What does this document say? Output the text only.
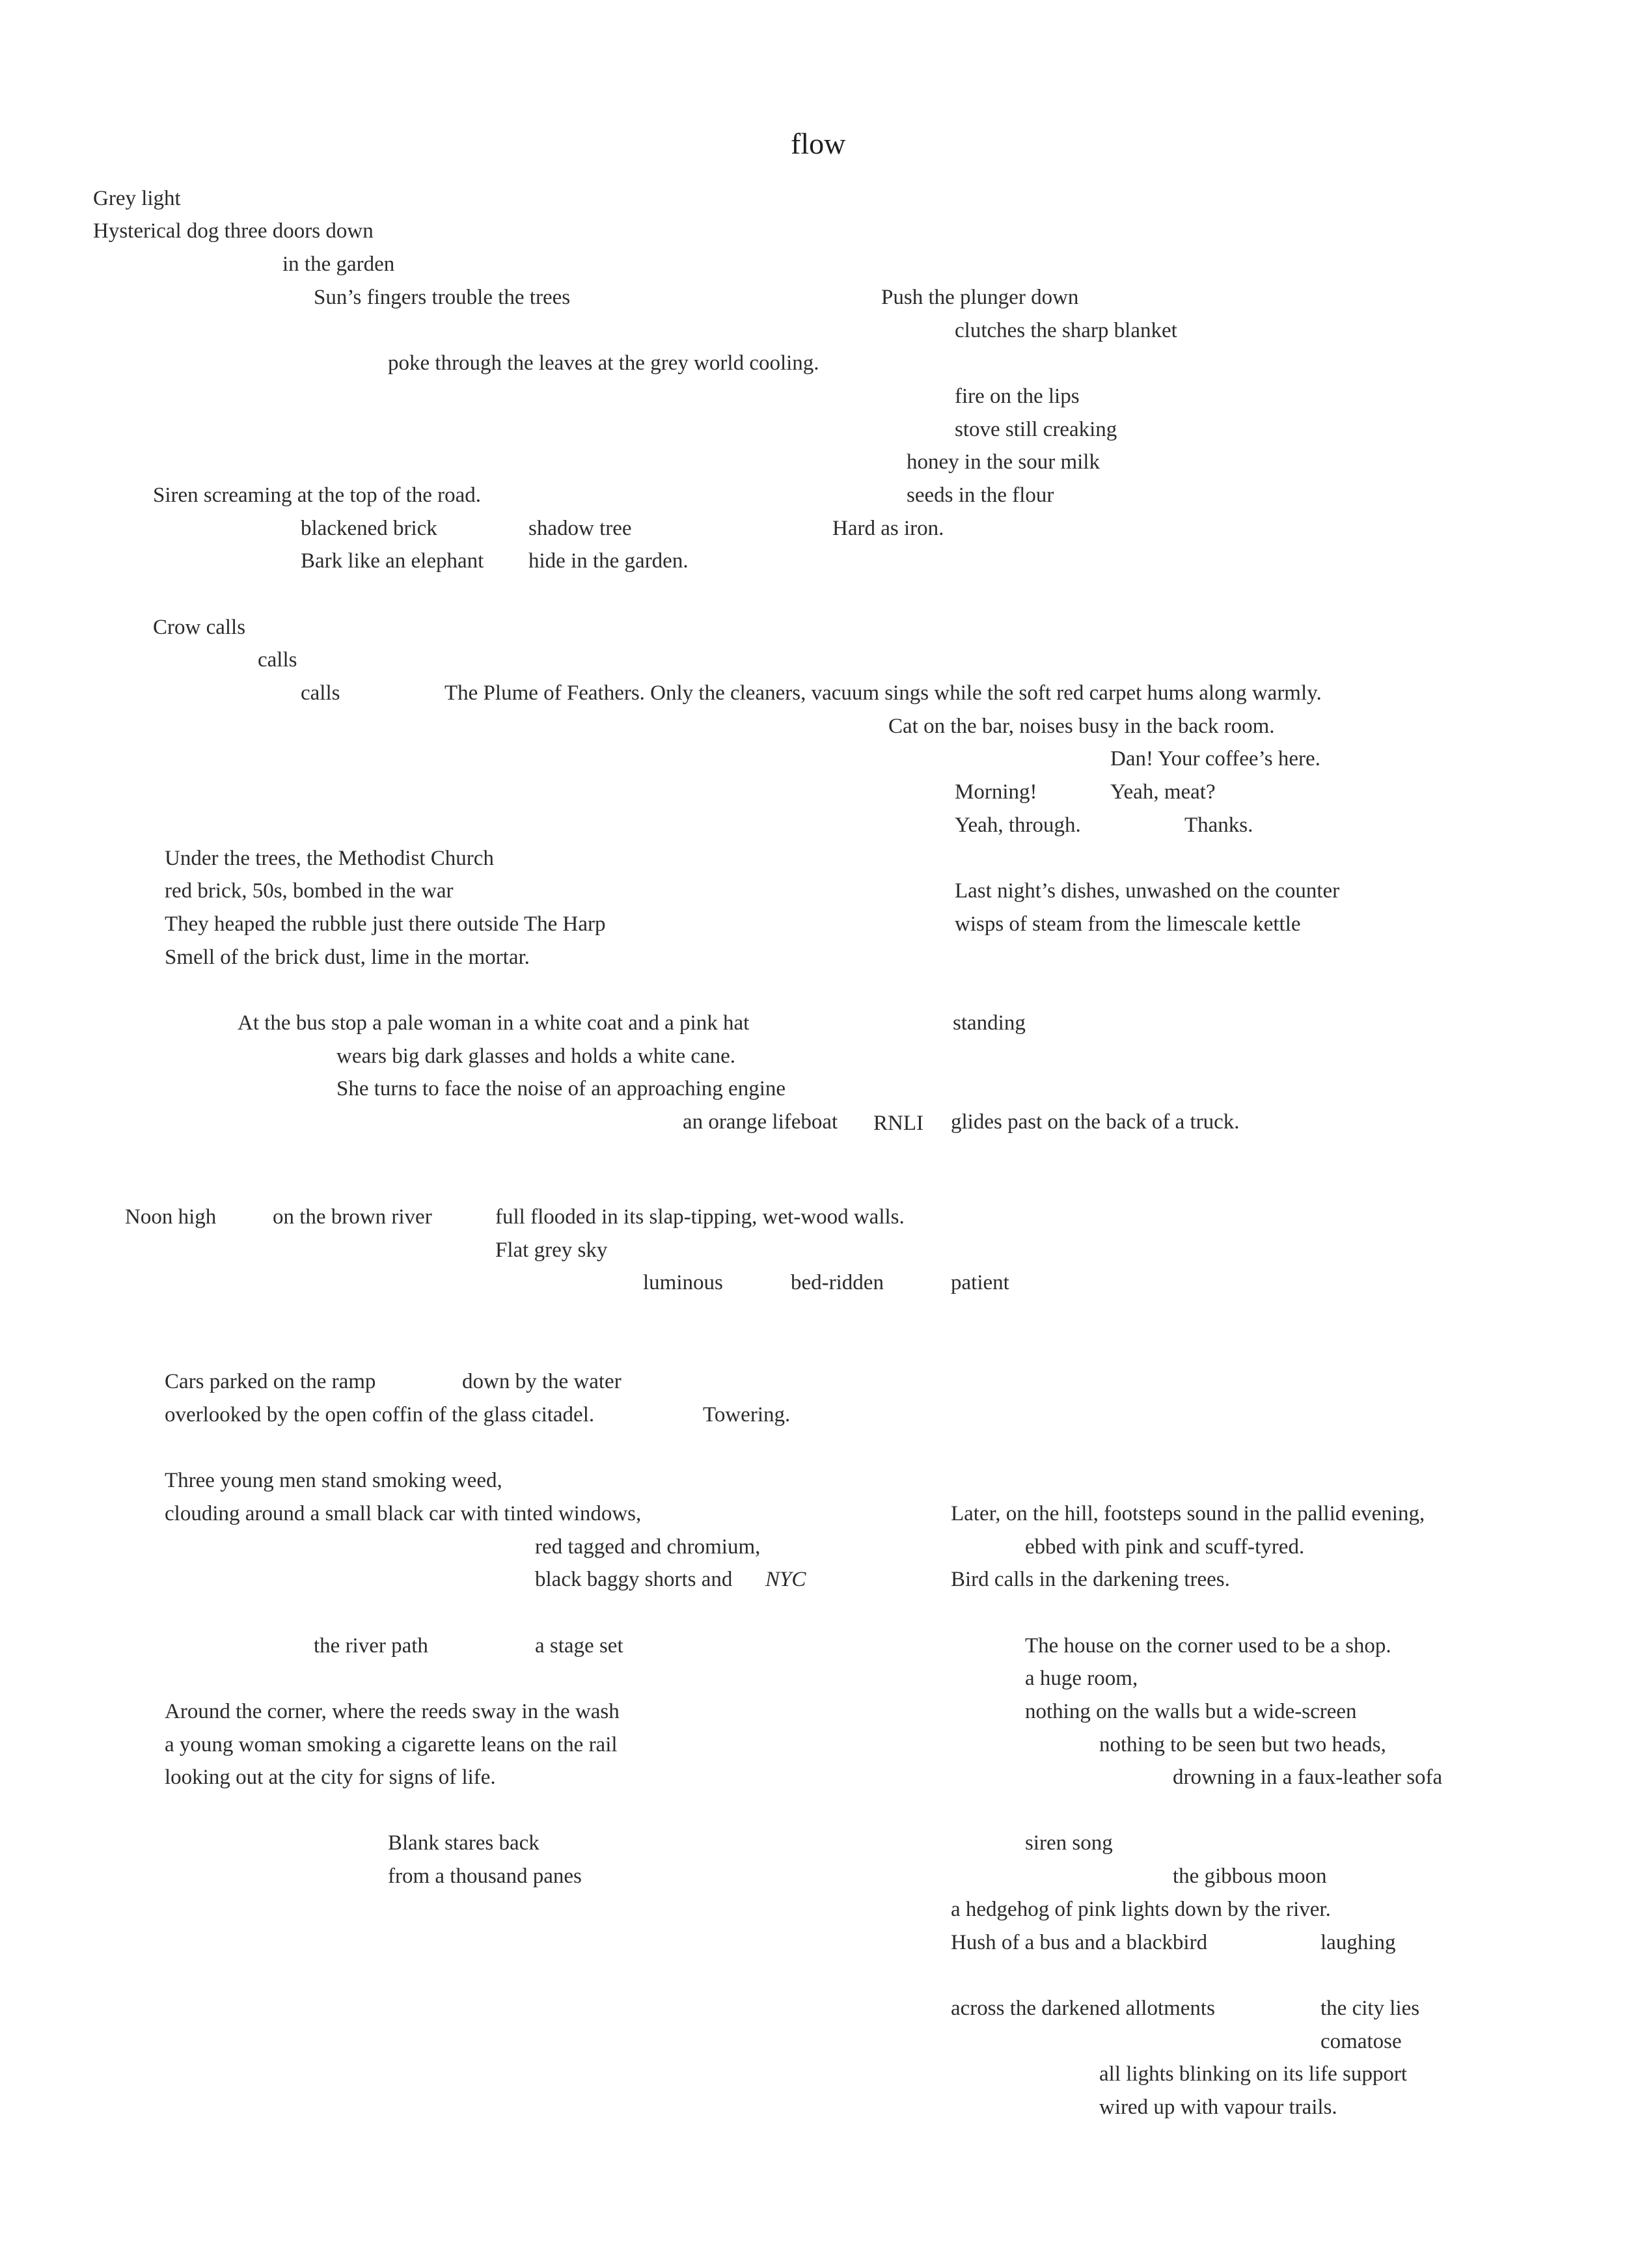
flow
Grey light
Hysterical dog three doors down
in the garden
Sun’s fingers trouble the trees	Push the plunger down
clutches the sharp blanket
poke through the leaves at the grey world cooling.
fire on the lips
stove still creaking
honey in the sour milk
Siren screaming at the top of the road.	seeds in the flour
blackened brick	shadow tree	Hard as iron.
Bark like an elephant hide in the garden.
Crow calls
calls
calls	The Plume of Feathers. Only the cleaners, vacuum sings while the soft red carpet hums along warmly.
Cat on the bar, noises busy in the back room.
Dan! Your coffee’s here.
Morning!	Yeah, meat?
Yeah, through.	Thanks.
Under the trees, the Methodist Church
red brick, 50s, bombed in the war	Last night’s dishes, unwashed on the counter
They heaped the rubble just there outside The Harp	wisps of steam from the limescale kettle
Smell of the brick dust, lime in the mortar.
At the bus stop a pale woman in a white coat and a pink hat	standing
wears big dark glasses and holds a white cane.
She turns to face the noise of an approaching engine
an orange lifeboat RNLI glides past on the back of a truck.
Noon high	on the brown river	full flooded in its slap-tipping, wet-wood walls.
Flat grey sky
luminous	bed-ridden	patient
Cars parked on the ramp	down by the water
overlooked by the open coffin of the glass citadel.	Towering.
Three young men stand smoking weed,
clouding around a small black car with tinted windows,	Later, on the hill, footsteps sound in the pallid evening,
red tagged and chromium,	ebbed with pink and scuff-tyred.
black baggy shorts and NYC	Bird calls in the darkening trees.
the river path	a stage set	The house on the corner used to be a shop.
a huge room,
Around the corner, where the reeds sway in the wash	nothing on the walls but a wide-screen
a young woman smoking a cigarette leans on the rail	nothing to be seen but two heads,
looking out at the city for signs of life.	drowning in a faux-leather sofa
Blank stares back	siren song
the gibbous moon
from a thousand panes
a hedgehog of pink lights down by the river.
Hush of a bus and a blackbird	laughing
across the darkened allotments	the city lies
comatose
all lights blinking on its life support
wired up with vapour trails.
